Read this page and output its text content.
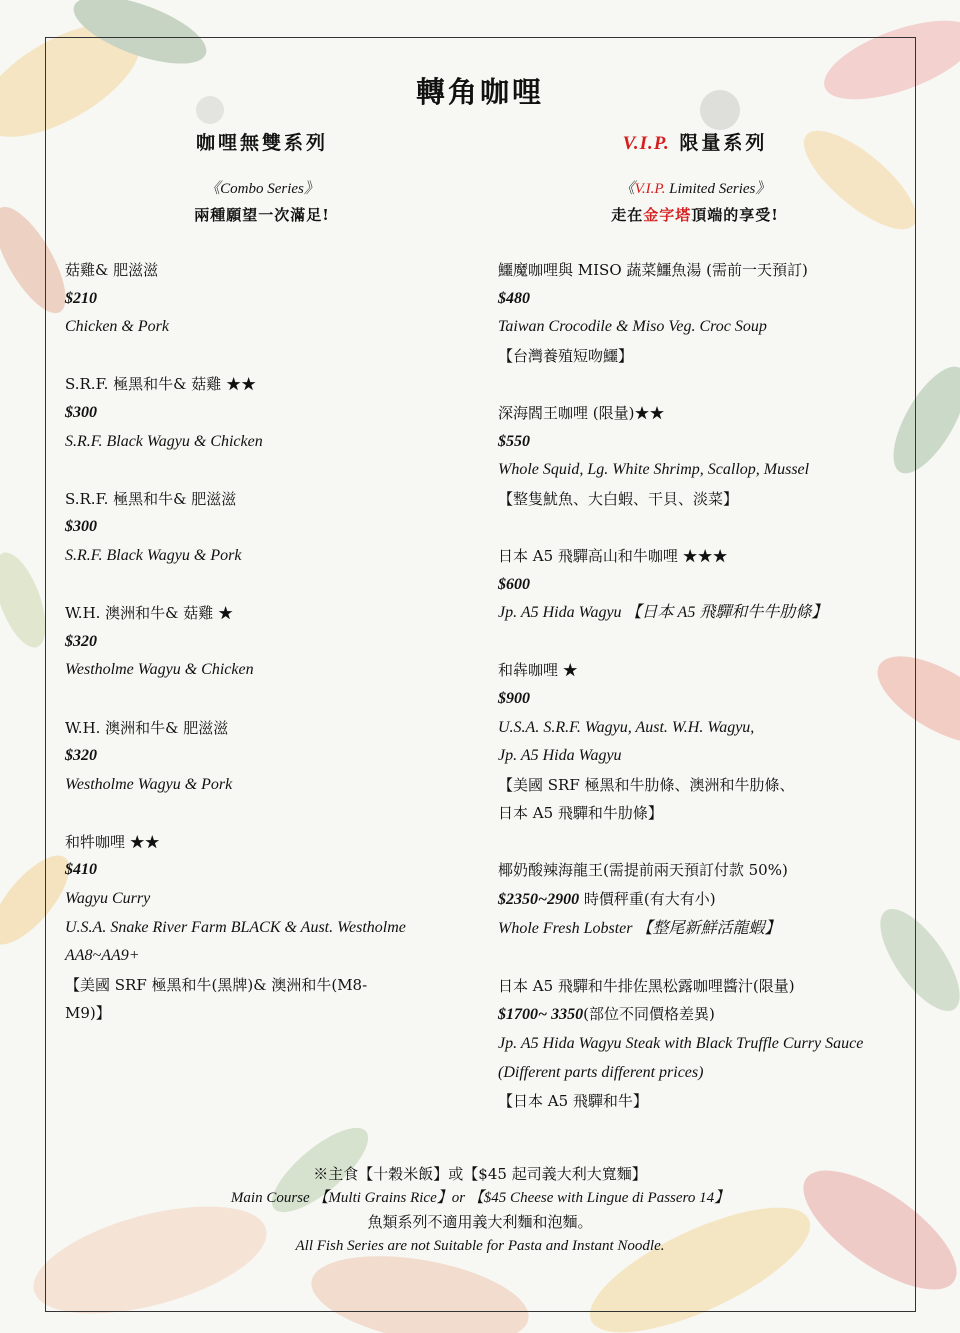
轉角咖哩
咖哩無雙系列
《Combo Series》
兩種願望一次滿足!
V.I.P. 限量系列
《V.I.P. Limited Series》
走在金字塔頂端的享受!
菇雞& 肥滋滋
$210
Chicken & Pork
S.R.F. 極黑和牛& 菇雞 ★★
$300
S.R.F. Black Wagyu & Chicken
S.R.F. 極黑和牛& 肥滋滋
$300
S.R.F. Black Wagyu & Pork
W.H. 澳洲和牛& 菇雞 ★
$320
Westholme Wagyu & Chicken
W.H. 澳洲和牛& 肥滋滋
$320
Westholme Wagyu & Pork
和牪咖哩 ★★
$410
Wagyu Curry
U.S.A. Snake River Farm BLACK & Aust. Westholme
AA8~AA9+
【美國 SRF 極黑和牛(黑牌)& 澳洲和牛(M8-
M9)】
鱷魔咖哩與 MISO 蔬菜鱷魚湯 (需前一天預訂)
$480
Taiwan Crocodile & Miso Veg. Croc Soup
【台灣養殖短吻鱷】
深海閻王咖哩 (限量)★★
$550
Whole Squid, Lg. White Shrimp, Scallop, Mussel
【整隻魷魚、大白蝦、干貝、淡菜】
日本 A5 飛驒高山和牛咖哩 ★★★
$600
Jp. A5 Hida Wagyu 【日本 A5 飛驒和牛牛肋條】
和犇咖哩 ★
$900
U.S.A. S.R.F. Wagyu, Aust. W.H. Wagyu,
Jp. A5 Hida Wagyu
【美國 SRF 極黑和牛肋條、澳洲和牛肋條、
日本 A5 飛驒和牛肋條】
椰奶酸辣海龍王(需提前兩天預訂付款 50%)
$2350~2900 時價秤重(有大有小)
Whole Fresh Lobster 【整尾新鮮活龍蝦】
日本 A5 飛驒和牛排佐黑松露咖哩醬汁(限量)
$1700~ 3350(部位不同價格差異)
Jp. A5 Hida Wagyu Steak with Black Truffle Curry Sauce
(Different parts different prices)
【日本 A5 飛驒和牛】
※主食【十穀米飯】或【$45 起司義大利大寬麵】
Main Course 【Multi Grains Rice】or 【$45 Cheese with Lingue di Passero 14】
魚類系列不適用義大利麵和泡麵。
All Fish Series are not Suitable for Pasta and Instant Noodle.
